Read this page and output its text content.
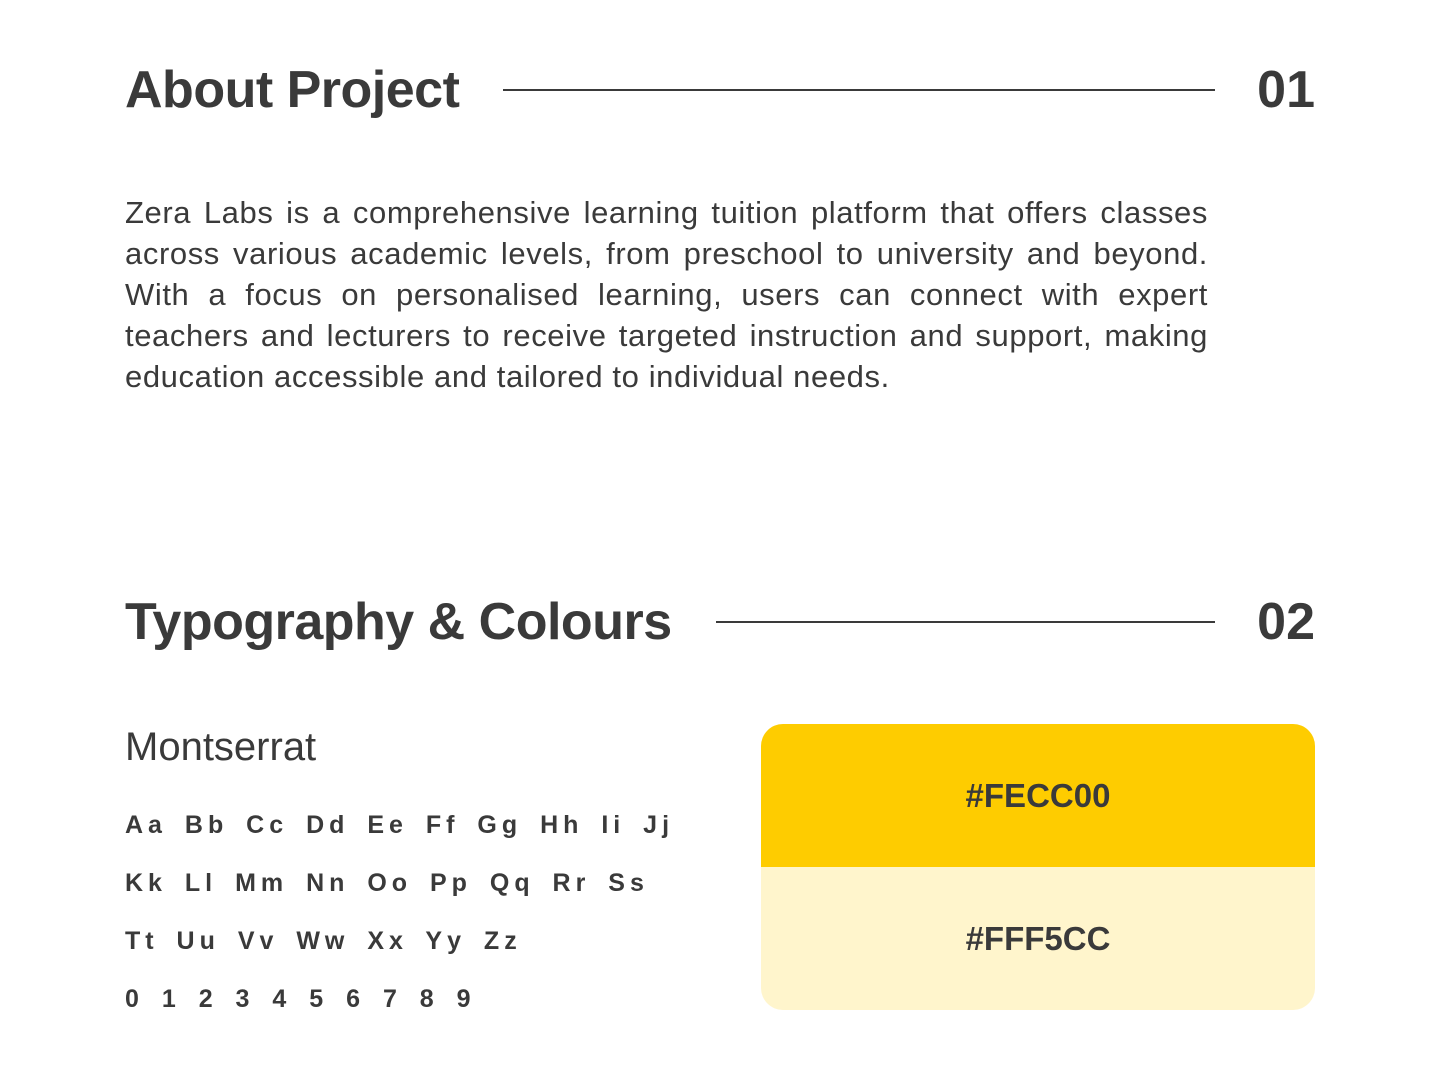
About Project	01

Zera Labs is a comprehensive learning tuition platform that offers classes across various academic levels, from preschool to university and beyond. With a focus on personalised learning, users can connect with expert teachers and lecturers to receive targeted instruction and support, making education accessible and tailored to individual needs.

Typography & Colours	02
Montserrat
Aa Bb Cc Dd Ee Ff Gg Hh Ii Jj
Kk Ll Mm Nn Oo Pp Qq Rr Ss
Tt Uu Vv Ww Xx Yy Zz
0 1 2 3 4 5 6 7 8 9
#FECC00
#FFF5CC
